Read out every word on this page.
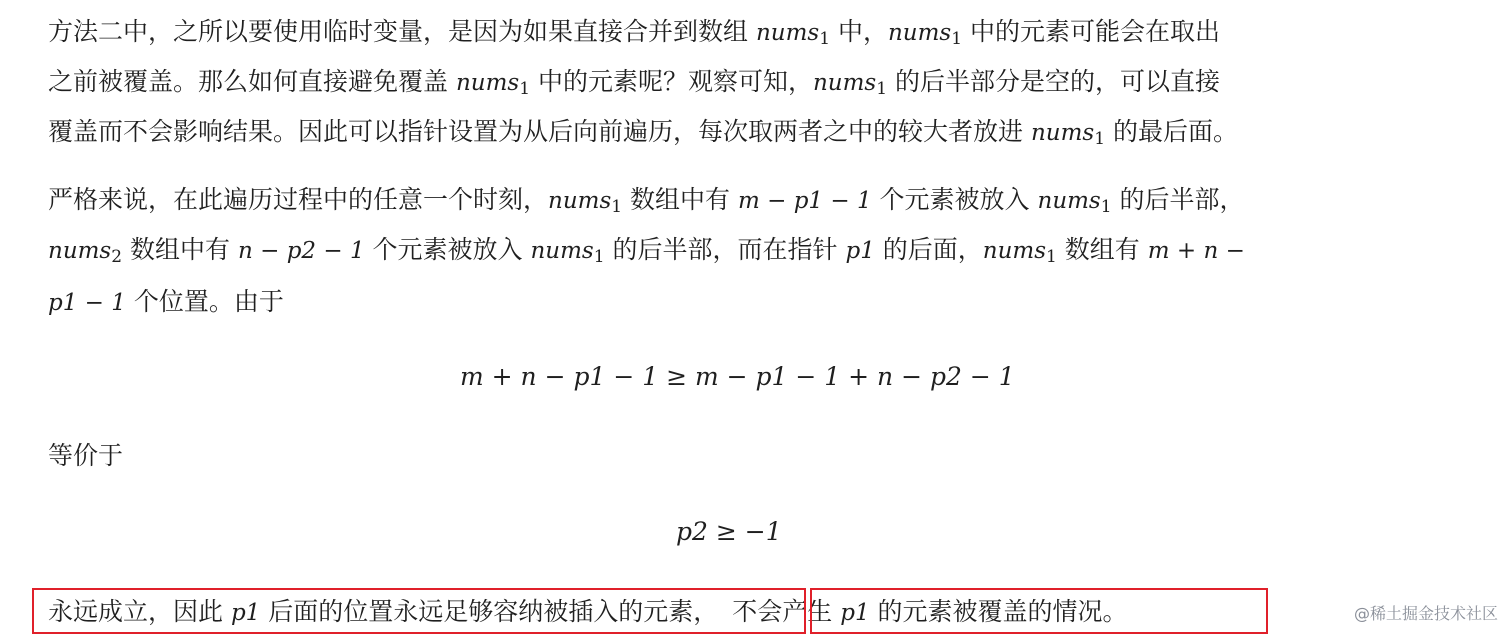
方法二中，之所以要使用临时变量，是因为如果直接合并到数组 nums$_1$ 中，nums$_1$ 中的元素可能会在取出
之前被覆盖。那么如何直接避免覆盖 nums$_1$ 中的元素呢？观察可知，nums$_1$ 的后半部分是空的，可以直接
覆盖而不会影响结果。因此可以指针设置为从后向前遍历，每次取两者之中的较大者放进 nums$_1$ 的最后面。
严格来说，在此遍历过程中的任意一个时刻，nums$_1$ 数组中有 m − p1 − 1 个元素被放入 nums$_1$ 的后半部，
nums$_2$ 数组中有 n − p2 − 1 个元素被放入 nums$_1$ 的后半部，而在指针 p1 的后面，nums$_1$ 数组有 m + n −
p1 − 1 个位置。由于
m + n − p1 − 1 ≥ m − p1 − 1 + n − p2 − 1
等价于
p2 ≥ −1
永远成立，因此 p1 后面的位置永远足够容纳被插入的元素， 不会产生 p1 的元素被覆盖的情况。	@稀土掘金技术社区
